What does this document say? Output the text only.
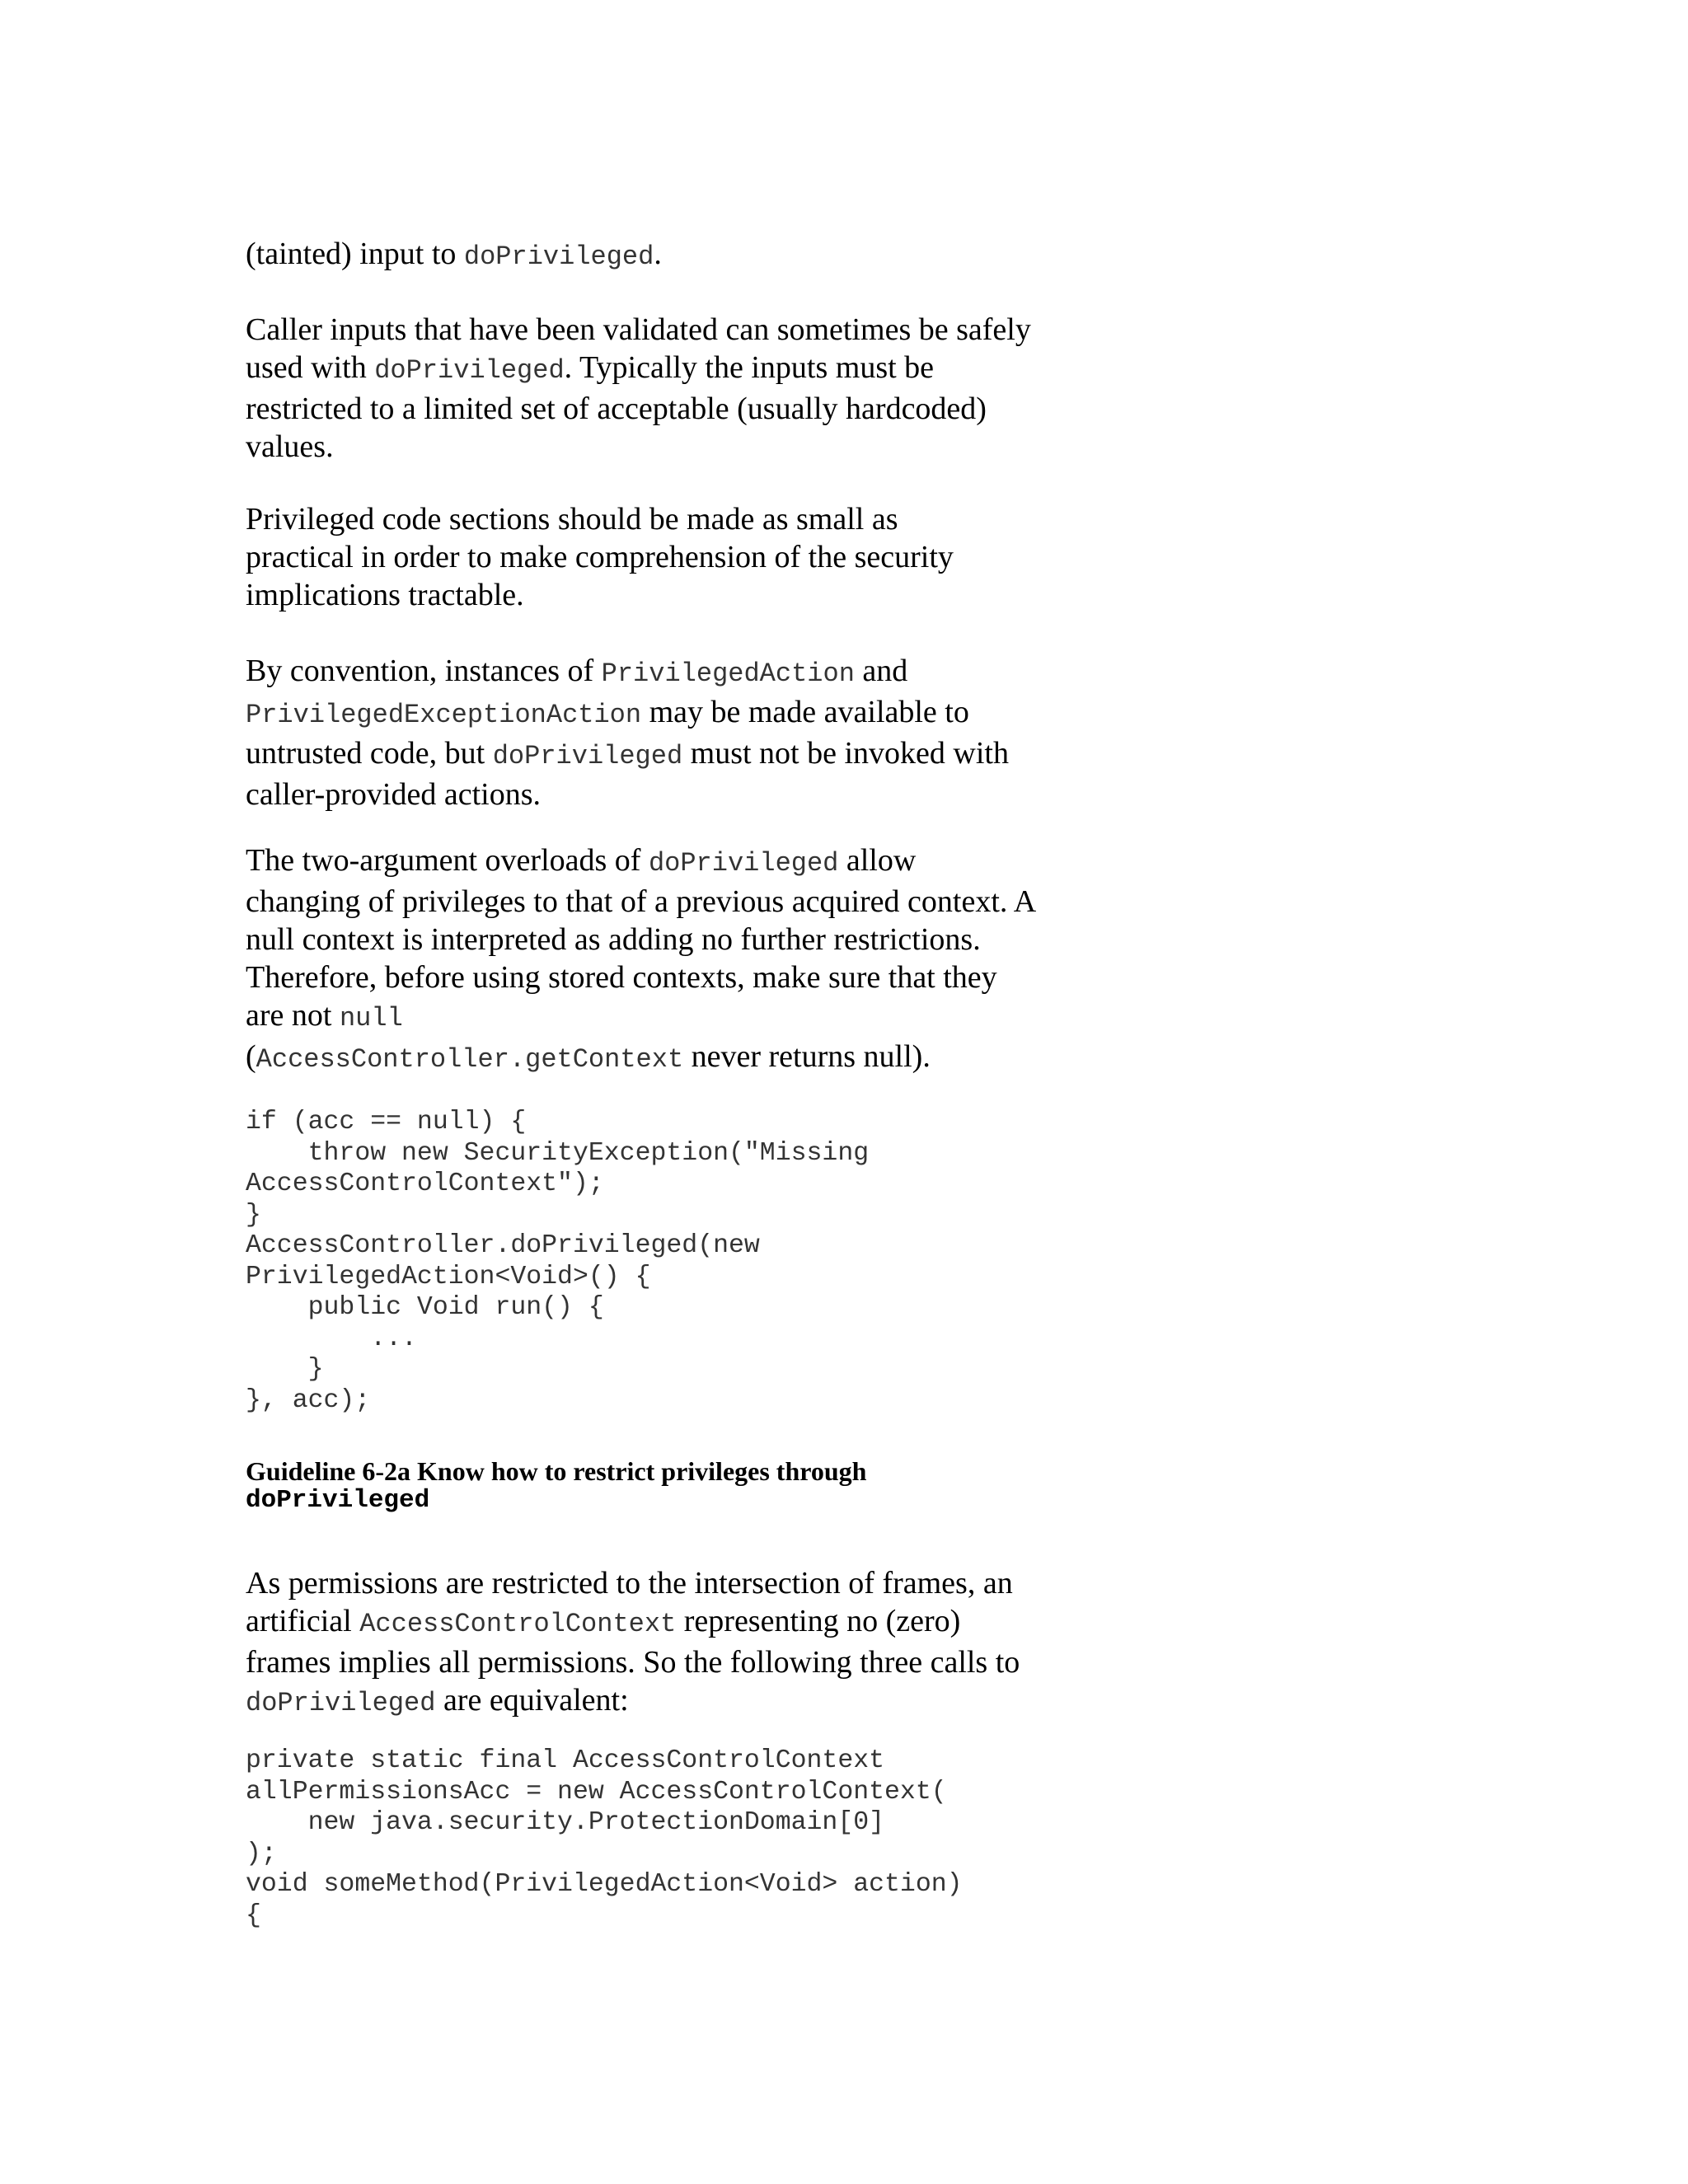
(tainted) input to doPrivileged.

Caller inputs that have been validated can sometimes be safely used with doPrivileged. Typically the inputs must be restricted to a limited set of acceptable (usually hardcoded) values.

Privileged code sections should be made as small as practical in order to make comprehension of the security implications tractable.

By convention, instances of PrivilegedAction and
PrivilegedExceptionAction may be made available to untrusted code, but doPrivileged must not be invoked with caller-provided actions.

The two-argument overloads of doPrivileged allow changing of privileges to that of a previous acquired context. A null context is interpreted as adding no further restrictions. Therefore, before using stored contexts, make sure that they are not null
(AccessController.getContext never returns null).

if (acc == null) {
throw new SecurityException("Missing
AccessControlContext");
}
AccessController.doPrivileged(new
PrivilegedAction<Void>() {
public Void run() {
...
}
}, acc);
Guideline 6-2a Know how to restrict privileges through
doPrivileged

As permissions are restricted to the intersection of frames, an artificial AccessControlContext representing no (zero) frames implies all permissions. So the following three calls to doPrivileged are equivalent:

private static final AccessControlContext
allPermissionsAcc = new AccessControlContext(
new java.security.ProtectionDomain[0]
);
void someMethod(PrivilegedAction<Void> action)
{
